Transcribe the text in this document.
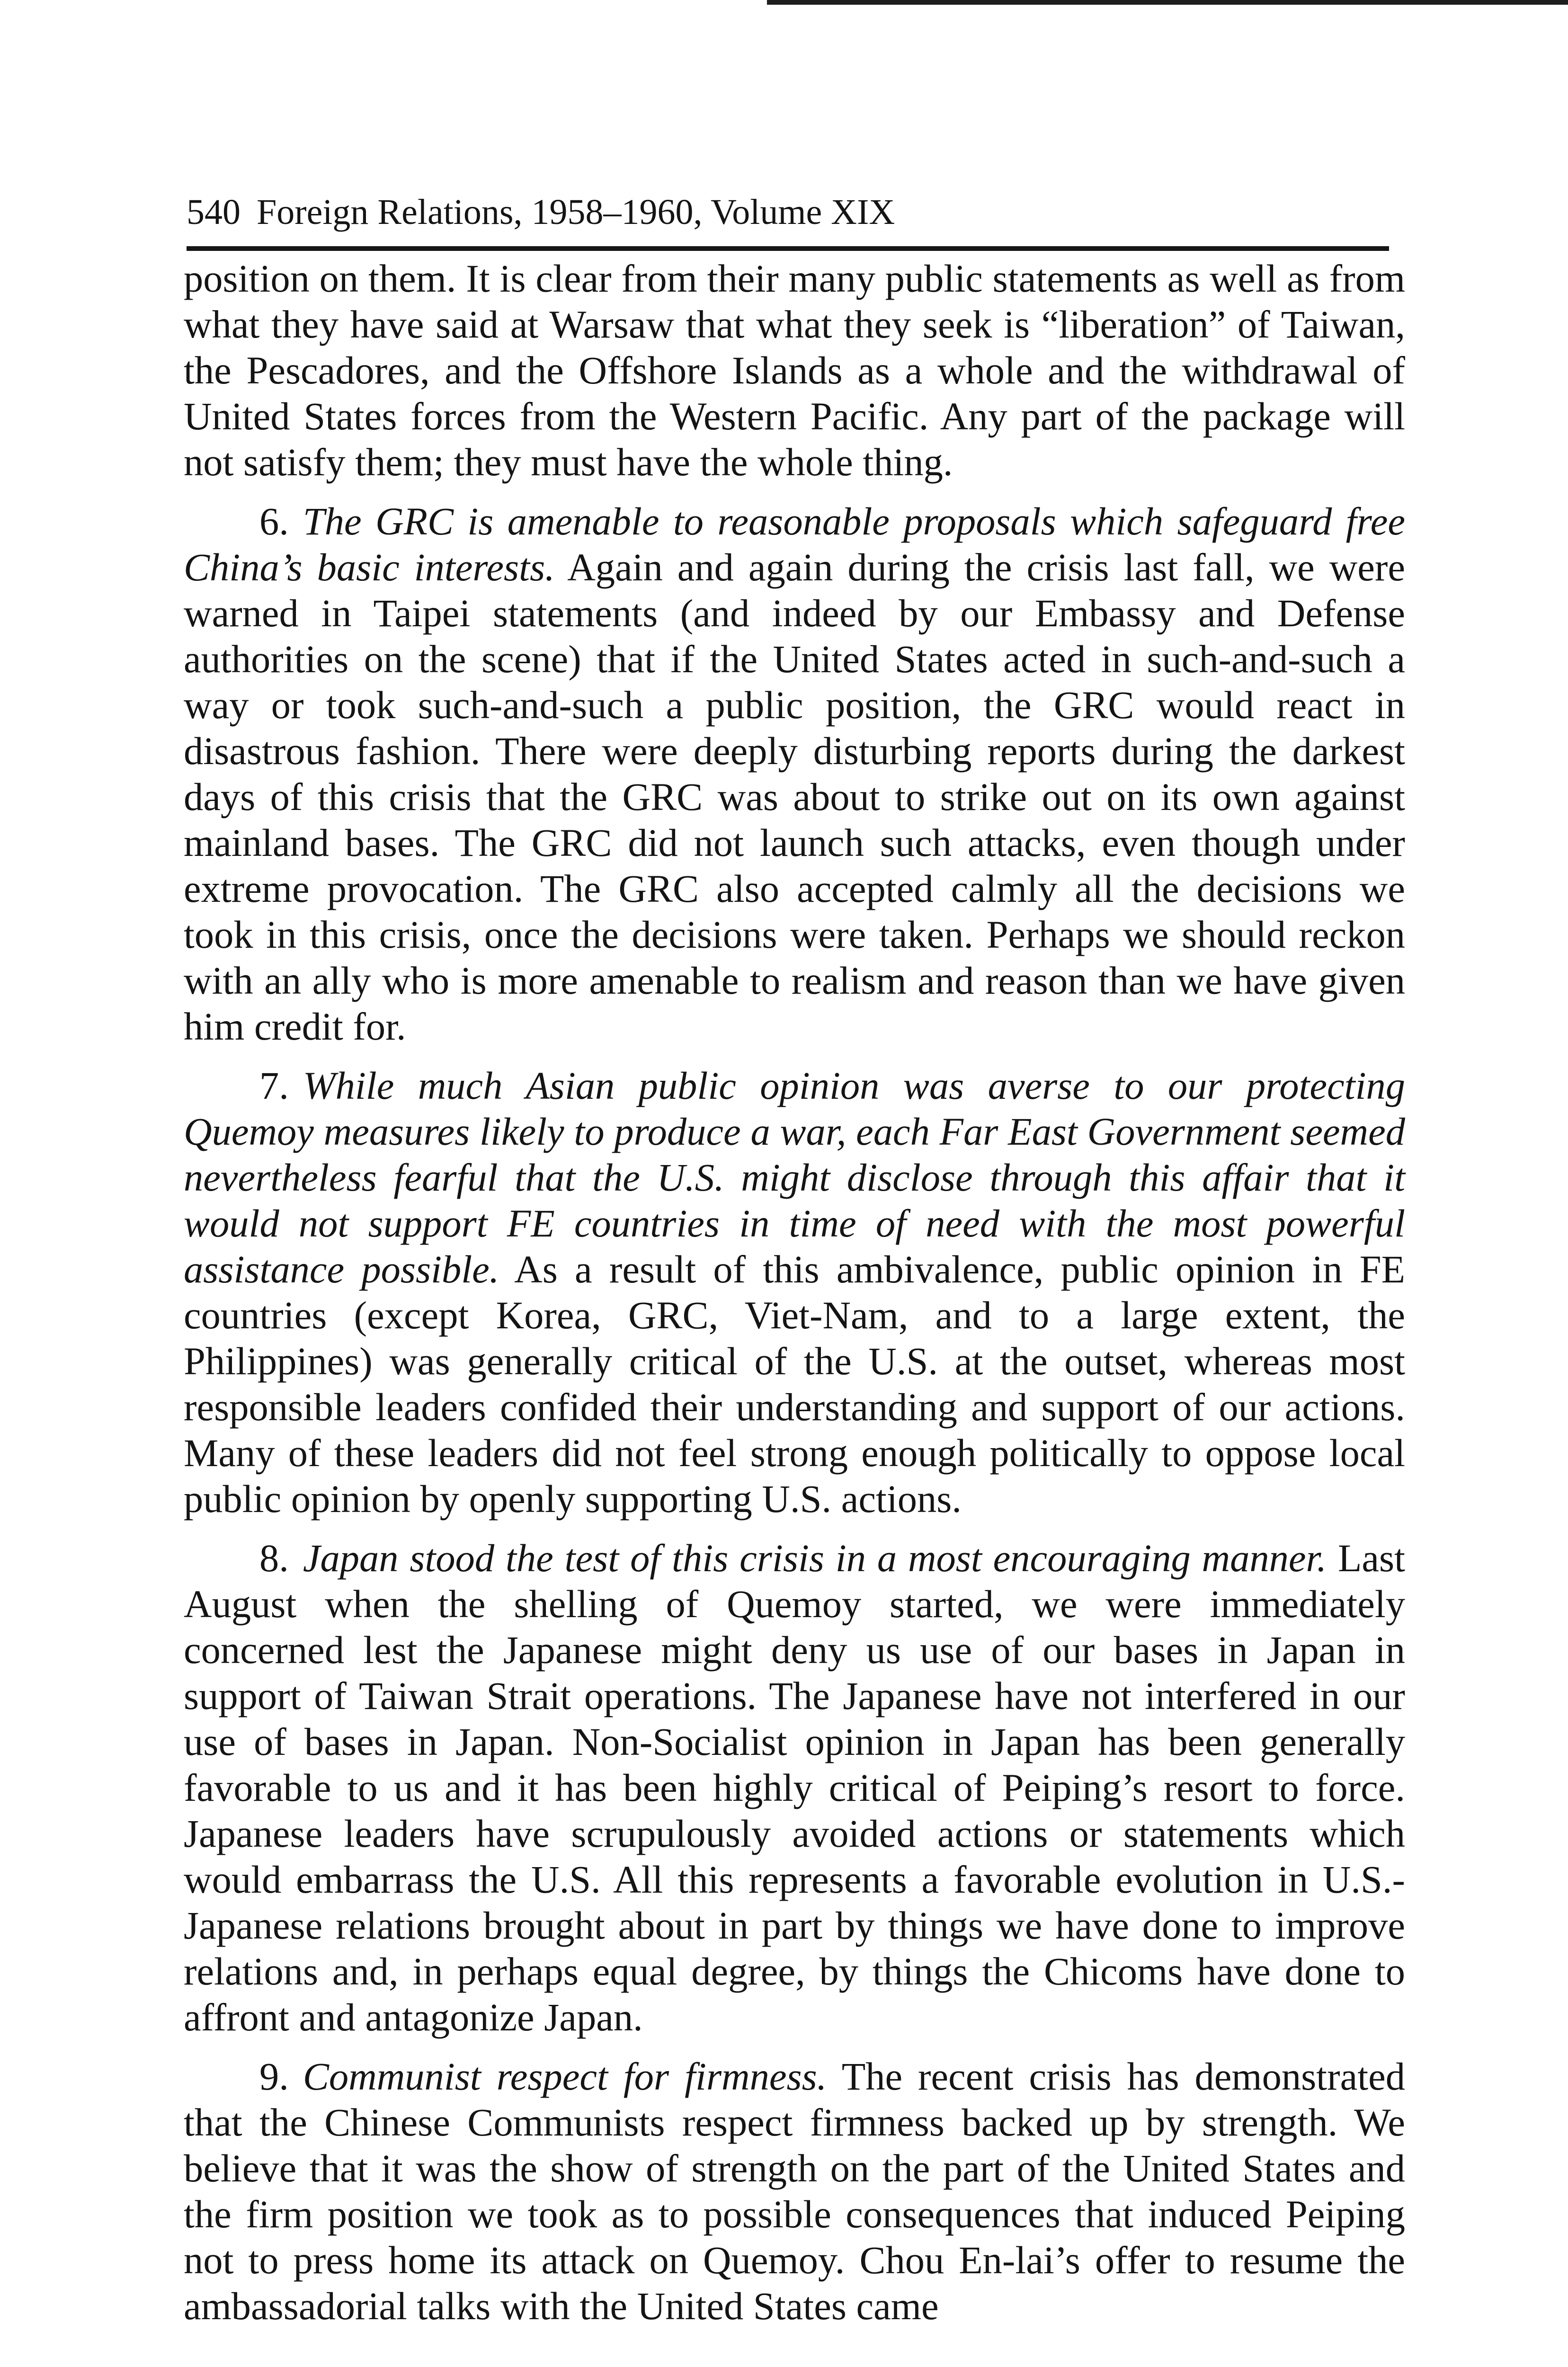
540 Foreign Relations, 1958–1960, Volume XIX

position on them. It is clear from their many public statements as well as from what they have said at Warsaw that what they seek is “liberation” of Taiwan, the Pescadores, and the Offshore Islands as a whole and the withdrawal of United States forces from the Western Pacific. Any part of the package will not satisfy them; they must have the whole thing.

6. The GRC is amenable to reasonable proposals which safeguard free China’s basic interests. Again and again during the crisis last fall, we were warned in Taipei statements (and indeed by our Embassy and Defense authorities on the scene) that if the United States acted in such-and-such a way or took such-and-such a public position, the GRC would react in disastrous fashion. There were deeply disturbing reports during the darkest days of this crisis that the GRC was about to strike out on its own against mainland bases. The GRC did not launch such attacks, even though under extreme provocation. The GRC also accepted calmly all the decisions we took in this crisis, once the decisions were taken. Perhaps we should reckon with an ally who is more amenable to realism and reason than we have given him credit for.

7. While much Asian public opinion was averse to our protecting Quemoy measures likely to produce a war, each Far East Government seemed nevertheless fearful that the U.S. might disclose through this affair that it would not support FE countries in time of need with the most powerful assistance possible. As a result of this ambivalence, public opinion in FE countries (except Korea, GRC, Viet-Nam, and to a large extent, the Philippines) was generally critical of the U.S. at the outset, whereas most responsible leaders confided their understanding and support of our actions. Many of these leaders did not feel strong enough politically to oppose local public opinion by openly supporting U.S. actions.

8. Japan stood the test of this crisis in a most encouraging manner. Last August when the shelling of Quemoy started, we were immediately concerned lest the Japanese might deny us use of our bases in Japan in support of Taiwan Strait operations. The Japanese have not interfered in our use of bases in Japan. Non-Socialist opinion in Japan has been generally favorable to us and it has been highly critical of Peiping’s resort to force. Japanese leaders have scrupulously avoided actions or statements which would embarrass the U.S. All this represents a favorable evolution in U.S.-Japanese relations brought about in part by things we have done to improve relations and, in perhaps equal degree, by things the Chicoms have done to affront and antagonize Japan.

9. Communist respect for firmness. The recent crisis has demonstrated that the Chinese Communists respect firmness backed up by strength. We believe that it was the show of strength on the part of the United States and the firm position we took as to possible consequences that induced Peiping not to press home its attack on Quemoy. Chou En-lai’s offer to resume the ambassadorial talks with the United States came
